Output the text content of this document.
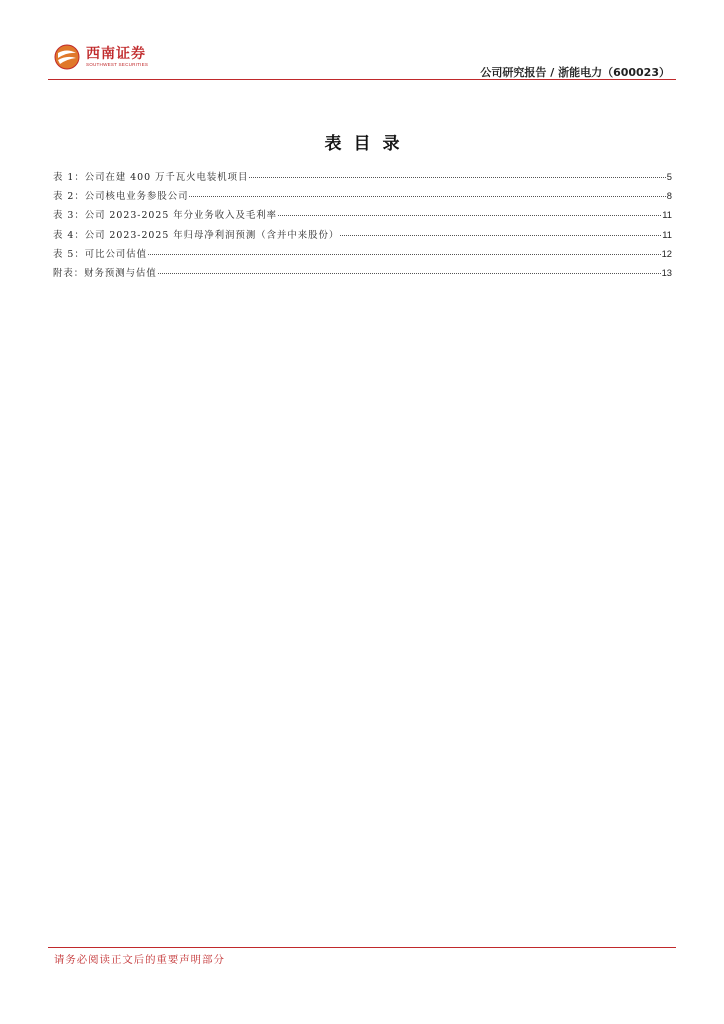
西南证券
SOUTHWEST SECURITIES
公司研究报告 / 浙能电力（600023）
表目录
表 1：公司在建 400 万千瓦火电装机项目	5
表 2：公司核电业务参股公司	8
表 3：公司 2023-2025 年分业务收入及毛利率	11
表 4：公司 2023-2025 年归母净利润预测（含并中来股份）	11
表 5：可比公司估值	12
附表：财务预测与估值	13
请务必阅读正文后的重要声明部分
